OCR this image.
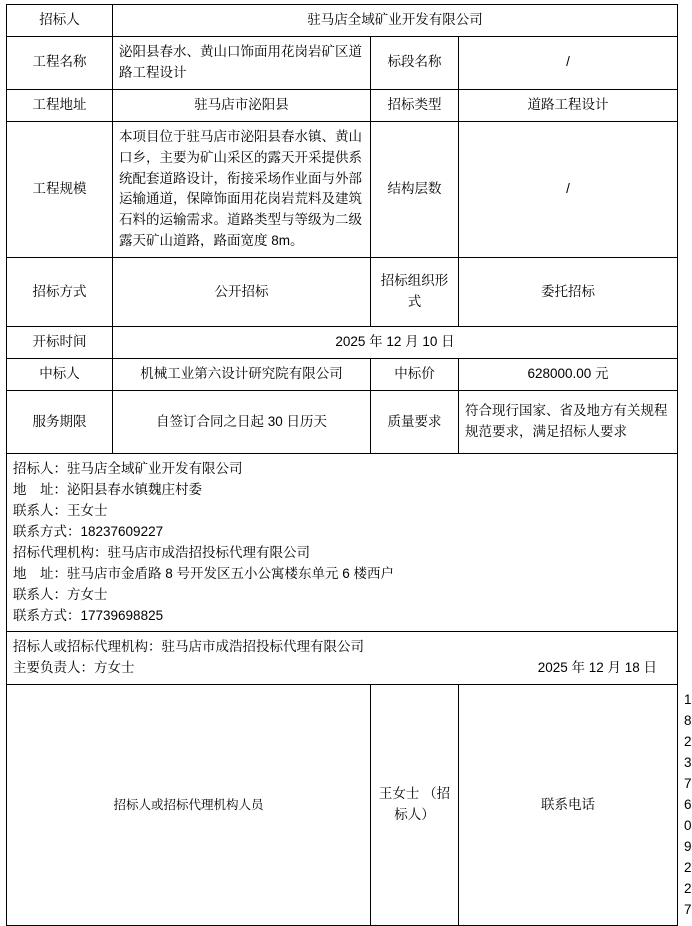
招标人	驻马店全域矿业开发有限公司			
工程名称	泌阳县春水、黄山口饰面用花岗岩矿区道路工程设计	标段名称	/	
工程地址	驻马店市泌阳县	招标类型	道路工程设计	
工程规模	本项目位于驻马店市泌阳县春水镇、黄山口乡，主要为矿山采区的露天开采提供系统配套道路设计，衔接采场作业面与外部运输通道，保障饰面用花岗岩荒料及建筑石料的运输需求。道路类型与等级为二级露天矿山道路，路面宽度 8m。	结构层数	/	
招标方式	公开招标	招标组织形式	委托招标	
开标时间	2025 年 12 月 10 日			
中标人	机械工业第六设计研究院有限公司	中标价	628000.00 元	
服务期限	自签订合同之日起 30 日历天	质量要求	符合现行国家、省及地方有关规程规范要求，满足招标人要求	

招标人：驻马店全域矿业开发有限公司
地　址：泌阳县春水镇魏庄村委
联系人：王女士
联系方式：18237609227
招标代理机构：驻马店市成浩招投标代理有限公司
地　址：驻马店市金盾路 8 号开发区五小公寓楼东单元 6 楼西户
联系人：方女士
联系方式：17739698825

招标人或招标代理机构：驻马店市成浩招投标代理有限公司
主要负责人：方女士 2025 年 12 月 18 日				

招标人或招标代理机构人员		王女士 （招标人）	联系电话	18237609227
